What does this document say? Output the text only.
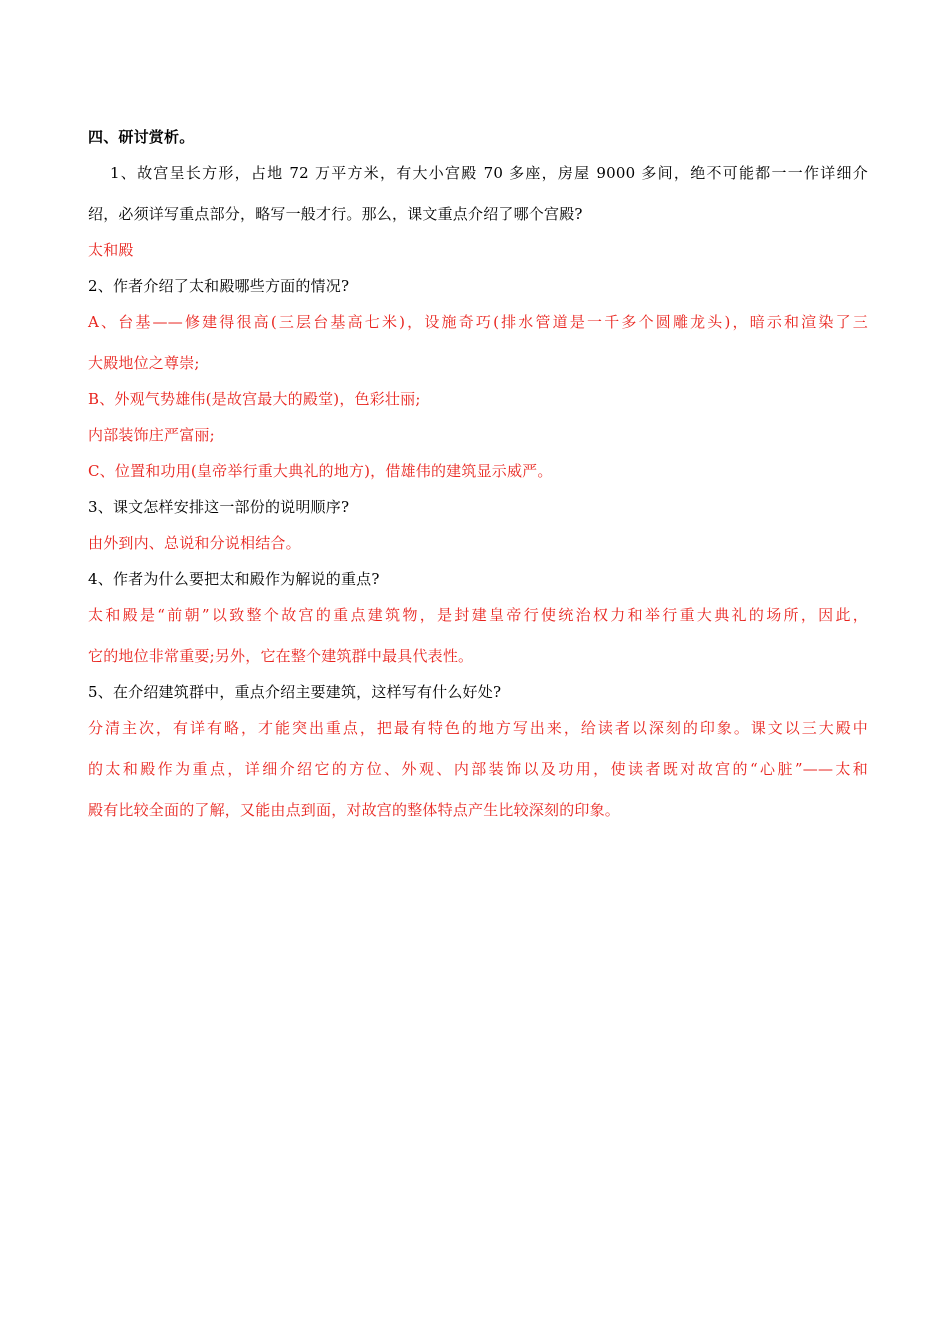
四、研讨赏析。
1、故宫呈长方形，占地 72 万平方米，有大小宫殿 70 多座，房屋 9000 多间，绝不可能都一一作详细介
绍，必须详写重点部分，略写一般才行。那么，课文重点介绍了哪个宫殿?
太和殿
2、作者介绍了太和殿哪些方面的情况?
A、台基——修建得很高(三层台基高七米)，设施奇巧(排水管道是一千多个圆雕龙头)，暗示和渲染了三
大殿地位之尊崇;
B、外观气势雄伟(是故宫最大的殿堂)，色彩壮丽;
内部装饰庄严富丽;
C、位置和功用(皇帝举行重大典礼的地方)，借雄伟的建筑显示威严。
3、课文怎样安排这一部份的说明顺序?
由外到内、总说和分说相结合。
4、作者为什么要把太和殿作为解说的重点?
太和殿是“前朝”以致整个故宫的重点建筑物，是封建皇帝行使统治权力和举行重大典礼的场所，因此，
它的地位非常重要;另外，它在整个建筑群中最具代表性。
5、在介绍建筑群中，重点介绍主要建筑，这样写有什么好处?
分清主次，有详有略，才能突出重点，把最有特色的地方写出来，给读者以深刻的印象。课文以三大殿中
的太和殿作为重点，详细介绍它的方位、外观、内部装饰以及功用，使读者既对故宫的“心脏”——太和
殿有比较全面的了解，又能由点到面，对故宫的整体特点产生比较深刻的印象。
